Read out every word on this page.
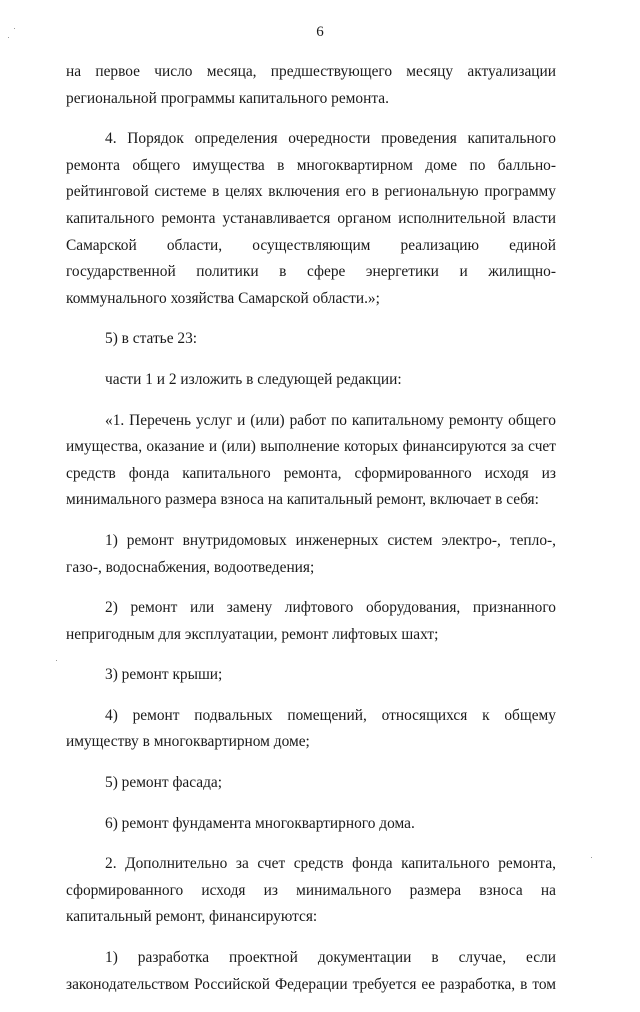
6

на первое число месяца, предшествующего месяцу актуализации региональной программы капитального ремонта.

4. Порядок определения очередности проведения капитального ремонта общего имущества в многоквартирном доме по балльно-рейтинговой системе в целях включения его в региональную программу капитального ремонта устанавливается органом исполнительной власти Самарской области, осуществляющим реализацию единой государственной политики в сфере энергетики и жилищно-коммунального хозяйства Самарской области.»;

5) в статье 23:

части 1 и 2 изложить в следующей редакции:

«1. Перечень услуг и (или) работ по капитальному ремонту общего имущества, оказание и (или) выполнение которых финансируются за счет средств фонда капитального ремонта, сформированного исходя из минимального размера взноса на капитальный ремонт, включает в себя:

1) ремонт внутридомовых инженерных систем электро-, тепло-, газо-, водоснабжения, водоотведения;

2) ремонт или замену лифтового оборудования, признанного непригодным для эксплуатации, ремонт лифтовых шахт;

3) ремонт крыши;

4) ремонт подвальных помещений, относящихся к общему имуществу в многоквартирном доме;

5) ремонт фасада;

6) ремонт фундамента многоквартирного дома.

2. Дополнительно за счет средств фонда капитального ремонта, сформированного исходя из минимального размера взноса на капитальный ремонт, финансируются:

1) разработка проектной документации в случае, если законодательством Российской Федерации требуется ее разработка, в том
